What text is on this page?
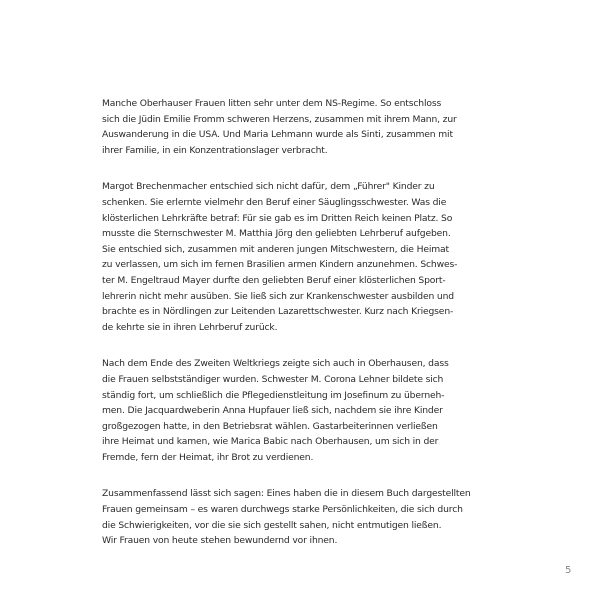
Manche Oberhauser Frauen litten sehr unter dem NS-Regime. So entschloss
sich die Jüdin Emilie Fromm schweren Herzens, zusammen mit ihrem Mann, zur
Auswanderung in die USA. Und Maria Lehmann wurde als Sinti, zusammen mit
ihrer Familie, in ein Konzentrationslager verbracht.
Margot Brechenmacher entschied sich nicht dafür, dem „Führer" Kinder zu
schenken. Sie erlernte vielmehr den Beruf einer Säuglingsschwester. Was die
klösterlichen Lehrkräfte betraf: Für sie gab es im Dritten Reich keinen Platz. So
musste die Sternschwester M. Matthia Jörg den geliebten Lehrberuf aufgeben.
Sie entschied sich, zusammen mit anderen jungen Mitschwestern, die Heimat
zu verlassen, um sich im fernen Brasilien armen Kindern anzunehmen. Schwes-
ter M. Engeltraud Mayer durfte den geliebten Beruf einer klösterlichen Sport-
lehrerin nicht mehr ausüben. Sie ließ sich zur Krankenschwester ausbilden und
brachte es in Nördlingen zur Leitenden Lazarettschwester. Kurz nach Kriegsen-
de kehrte sie in ihren Lehrberuf zurück.
Nach dem Ende des Zweiten Weltkriegs zeigte sich auch in Oberhausen, dass
die Frauen selbstständiger wurden. Schwester M. Corona Lehner bildete sich
ständig fort, um schließlich die Pflegedienstleitung im Josefinum zu überneh-
men. Die Jacquardweberin Anna Hupfauer ließ sich, nachdem sie ihre Kinder
großgezogen hatte, in den Betriebsrat wählen. Gastarbeiterinnen verließen
ihre Heimat und kamen, wie Marica Babic nach Oberhausen, um sich in der
Fremde, fern der Heimat, ihr Brot zu verdienen.
Zusammenfassend lässt sich sagen: Eines haben die in diesem Buch dargestellten
Frauen gemeinsam – es waren durchwegs starke Persönlichkeiten, die sich durch
die Schwierigkeiten, vor die sie sich gestellt sahen, nicht entmutigen ließen.
Wir Frauen von heute stehen bewundernd vor ihnen.
5
